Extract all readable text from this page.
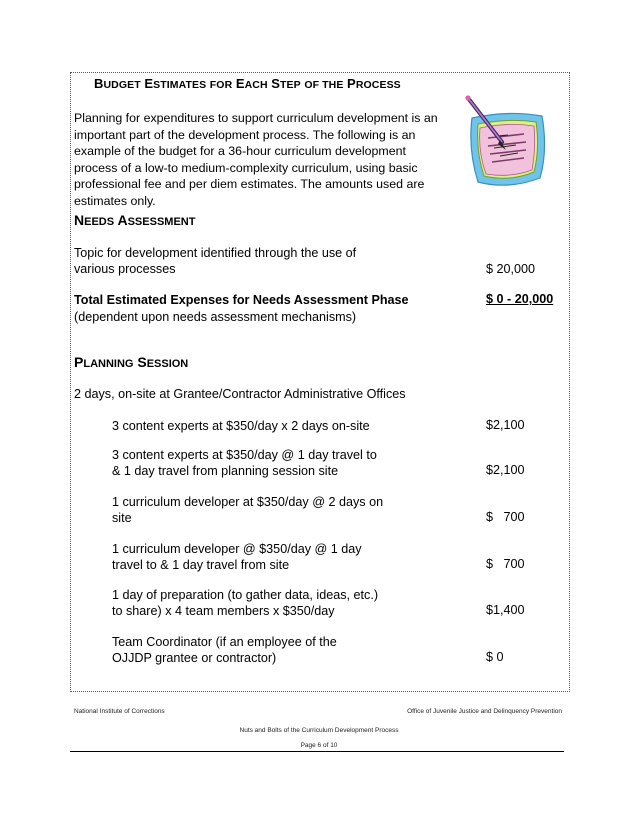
BUDGET ESTIMATES FOR EACH STEP OF THE PROCESS
Planning for expenditures to support curriculum development is an
important part of the development process. The following is an
example of the budget for a 36-hour curriculum development
process of a low-to medium-complexity curriculum, using basic
professional fee and per diem estimates. The amounts used are
estimates only.
NEEDS ASSESSMENT
Topic for development identified through the use of
various processes	$ 20,000
Total Estimated Expenses for Needs Assessment Phase	$ 0 - 20,000
(dependent upon needs assessment mechanisms)
PLANNING SESSION
2 days, on-site at Grantee/Contractor Administrative Offices
3 content experts at $350/day x 2 days on-site	$2,100
3 content experts at $350/day @ 1 day travel to
& 1 day travel from planning session site	$2,100
1 curriculum developer at $350/day @ 2 days on
site	$   700
1 curriculum developer @ $350/day @ 1 day
travel to & 1 day travel from site	$   700
1 day of preparation (to gather data, ideas, etc.)
to share) x 4 team members x $350/day	$1,400
Team Coordinator (if an employee of the
OJJDP grantee or contractor)	$ 0
National Institute of Corrections	Office of Juvenile Justice and Delinquency Prevention
Nuts and Bolts of the Curriculum Development Process
Page 6 of 10
